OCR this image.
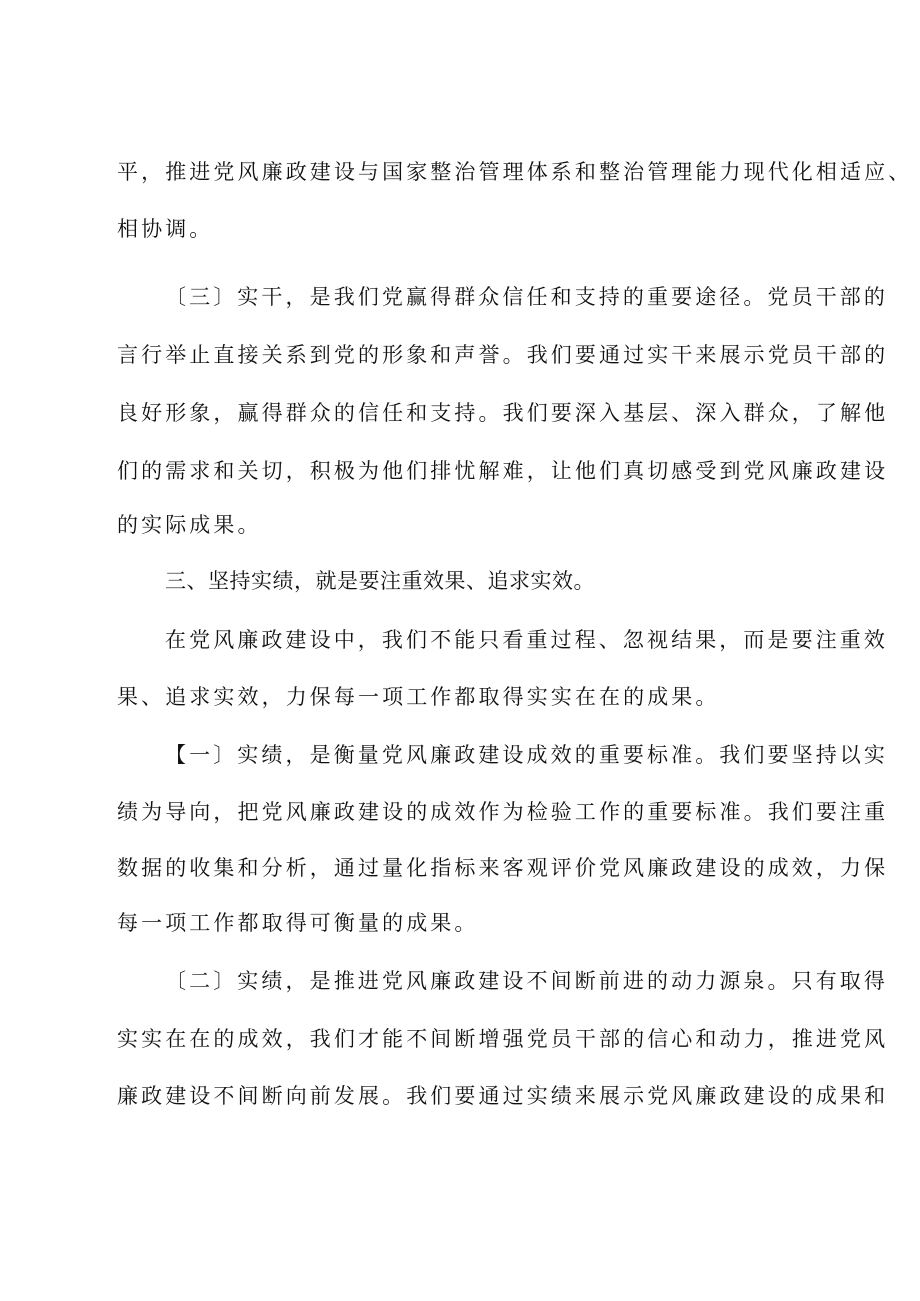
平，推进党风廉政建设与国家整治管理体系和整治管理能力现代化相适应、
相协调。
〔三〕实干，是我们党赢得群众信任和支持的重要途径。党员干部的
言行举止直接关系到党的形象和声誉。我们要通过实干来展示党员干部的
良好形象，赢得群众的信任和支持。我们要深入基层、深入群众，了解他
们的需求和关切，积极为他们排忧解难，让他们真切感受到党风廉政建设
的实际成果。
三、坚持实绩，就是要注重效果、追求实效。
在党风廉政建设中，我们不能只看重过程、忽视结果，而是要注重效
果、追求实效，力保每一项工作都取得实实在在的成果。
【一〕实绩，是衡量党风廉政建设成效的重要标准。我们要坚持以实
绩为导向，把党风廉政建设的成效作为检验工作的重要标准。我们要注重
数据的收集和分析，通过量化指标来客观评价党风廉政建设的成效，力保
每一项工作都取得可衡量的成果。
〔二〕实绩，是推进党风廉政建设不间断前进的动力源泉。只有取得
实实在在的成效，我们才能不间断增强党员干部的信心和动力，推进党风
廉政建设不间断向前发展。我们要通过实绩来展示党风廉政建设的成果和
